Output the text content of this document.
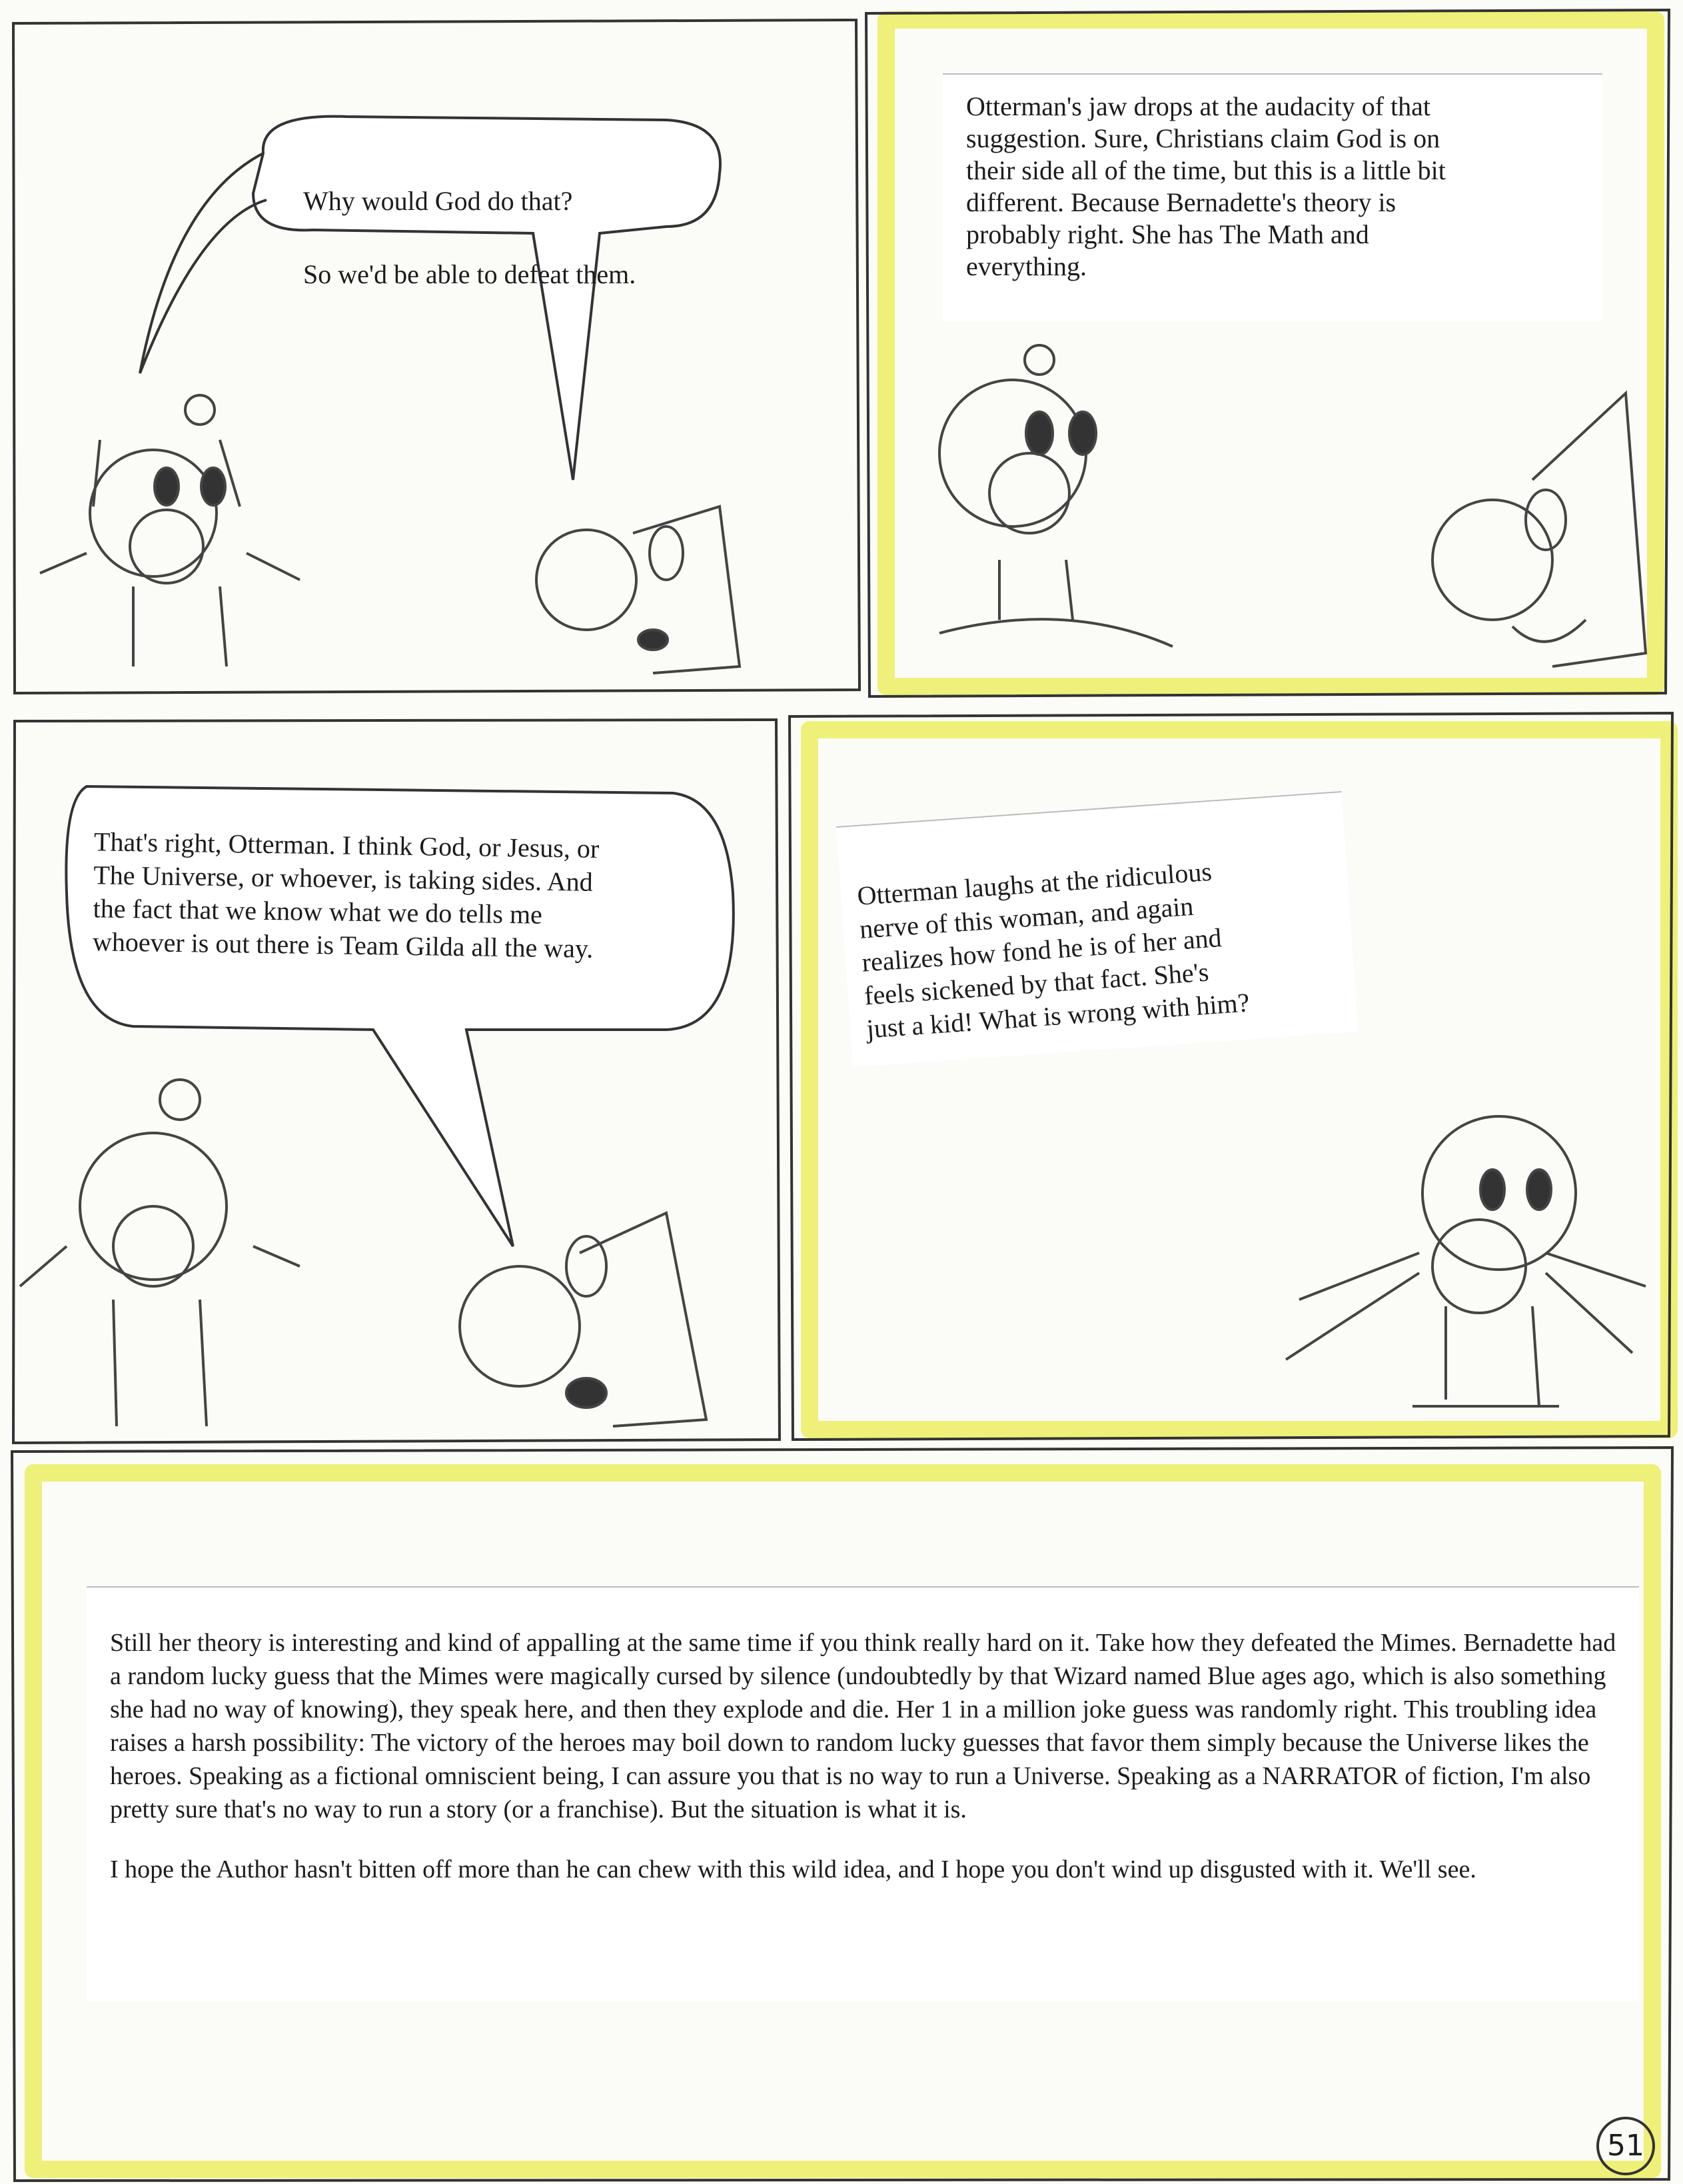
Why would God do that?
So we'd be able to defeat them.
Otterman's jaw drops at the audacity of that
suggestion. Sure, Christians claim God is on
their side all of the time, but this is a little bit
different. Because Bernadette's theory is
probably right. She has The Math and
everything.
That's right, Otterman. I think God, or Jesus, or
The Universe, or whoever, is taking sides. And
the fact that we know what we do tells me
whoever is out there is Team Gilda all the way.
Otterman laughs at the ridiculous
nerve of this woman, and again
realizes how fond he is of her and
feels sickened by that fact. She's
just a kid! What is wrong with him?

Still her theory is interesting and kind of appalling at the same time if you think really hard on it. Take how they defeated the Mimes. Bernadette had a random lucky guess that the Mimes were magically cursed by silence (undoubtedly by that Wizard named Blue ages ago, which is also something she had no way of knowing), they speak here, and then they explode and die. Her 1 in a million joke guess was randomly right. This troubling idea raises a harsh possibility: The victory of the heroes may boil down to random lucky guesses that favor them simply because the Universe likes the heroes. Speaking as a fictional omniscient being, I can assure you that is no way to run a Universe. Speaking as a NARRATOR of fiction, I'm also pretty sure that's no way to run a story (or a franchise). But the situation is what it is.

I hope the Author hasn't bitten off more than he can chew with this wild idea, and I hope you don't wind up disgusted with it. We'll see.

51
